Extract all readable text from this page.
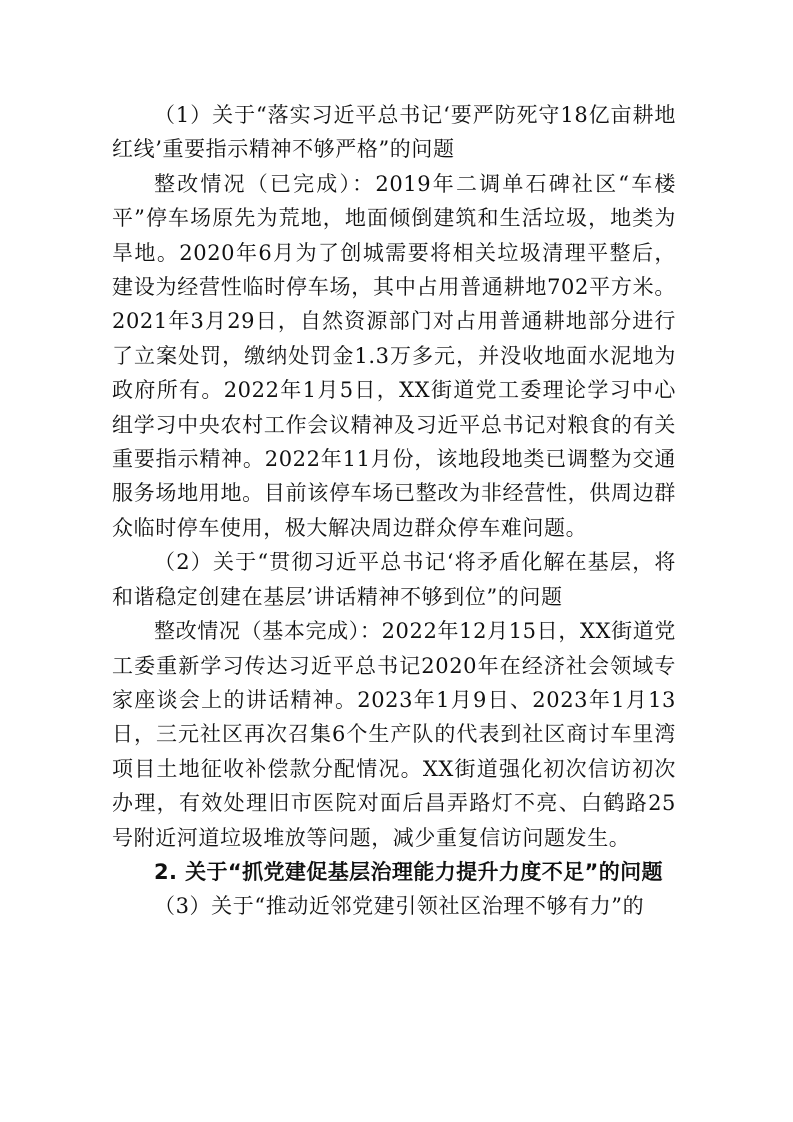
（1）关于“落实习近平总书记‘要严防死守18亿亩耕地红线’重要指示精神不够严格”的问题

整改情况（已完成）：2019年二调单石碑社区“车楼平”停车场原先为荒地，地面倾倒建筑和生活垃圾，地类为旱地。2020年6月为了创城需要将相关垃圾清理平整后，建设为经营性临时停车场，其中占用普通耕地702平方米。2021年3月29日，自然资源部门对占用普通耕地部分进行了立案处罚，缴纳处罚金1.3万多元，并没收地面水泥地为政府所有。2022年1月5日，XX街道党工委理论学习中心组学习中央农村工作会议精神及习近平总书记对粮食的有关重要指示精神。2022年11月份，该地段地类已调整为交通服务场地用地。目前该停车场已整改为非经营性，供周边群众临时停车使用，极大解决周边群众停车难问题。

（2）关于“贯彻习近平总书记‘将矛盾化解在基层，将和谐稳定创建在基层’讲话精神不够到位”的问题

整改情况（基本完成）：2022年12月15日，XX街道党工委重新学习传达习近平总书记2020年在经济社会领域专家座谈会上的讲话精神。2023年1月9日、2023年1月13日，三元社区再次召集6个生产队的代表到社区商讨车里湾项目土地征收补偿款分配情况。XX街道强化初次信访初次办理，有效处理旧市医院对面后昌弄路灯不亮、白鹤路25号附近河道垃圾堆放等问题，减少重复信访问题发生。

2. 关于“抓党建促基层治理能力提升力度不足”的问题

（3）关于“推动近邻党建引领社区治理不够有力”的
